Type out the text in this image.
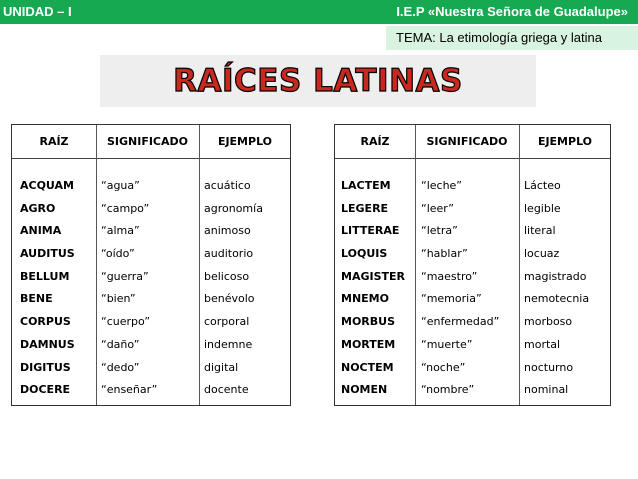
UNIDAD – I	I.E.P «Nuestra Señora de Guadalupe»
TEMA: La etimología griega y latina
RAÍCES LATINAS
RAÍZ	SIGNIFICADO	EJEMPLO
ACQUAM “agua”	acuático
AGRO	“campo”	agronomía
ANIMA	“alma”	animoso
AUDITUS “oído”	auditorio
BELLUM	“guerra”	belicoso
BENE	“bien”	benévolo
CORPUS	“cuerpo”	corporal
DAMNUS “daño”	indemne
DIGITUS	“dedo”	digital
DOCERE	“enseñar”	docente
RAÍZ	SIGNIFICADO	EJEMPLO
LACTEM	“leche”	Lácteo
LEGERE	“leer”	legible
LITTERAE “letra”	literal
LOQUIS	“hablar”	locuaz
MAGISTER “maestro”	magistrado
MNEMO	“memoria”	nemotecnia
MORBUS “enfermedad” morboso
MORTEM “muerte”	mortal
NOCTEM “noche”	nocturno
NOMEN	“nombre”	nominal
